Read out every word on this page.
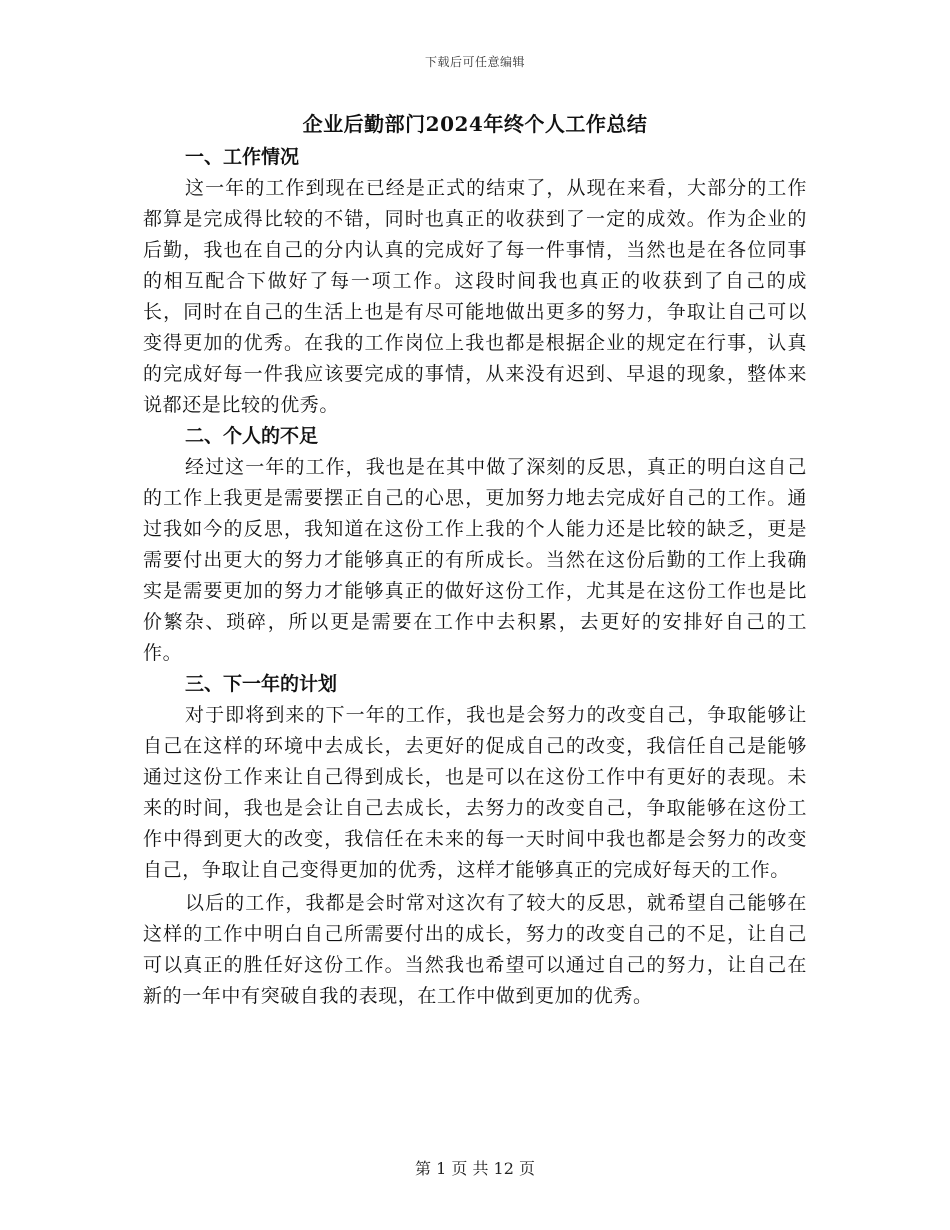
下载后可任意编辑
企业后勤部门2024年终个人工作总结
一、工作情况

这一年的工作到现在已经是正式的结束了，从现在来看，大部分的工作都算是完成得比较的不错，同时也真正的收获到了一定的成效。作为企业的后勤，我也在自己的分内认真的完成好了每一件事情，当然也是在各位同事的相互配合下做好了每一项工作。这段时间我也真正的收获到了自己的成长，同时在自己的生活上也是有尽可能地做出更多的努力，争取让自己可以变得更加的优秀。在我的工作岗位上我也都是根据企业的规定在行事，认真的完成好每一件我应该要完成的事情，从来没有迟到、早退的现象，整体来说都还是比较的优秀。

二、个人的不足

经过这一年的工作，我也是在其中做了深刻的反思，真正的明白这自己的工作上我更是需要摆正自己的心思，更加努力地去完成好自己的工作。通过我如今的反思，我知道在这份工作上我的个人能力还是比较的缺乏，更是需要付出更大的努力才能够真正的有所成长。当然在这份后勤的工作上我确实是需要更加的努力才能够真正的做好这份工作，尤其是在这份工作也是比价繁杂、琐碎，所以更是需要在工作中去积累，去更好的安排好自己的工作。

三、下一年的计划

对于即将到来的下一年的工作，我也是会努力的改变自己，争取能够让自己在这样的环境中去成长，去更好的促成自己的改变，我信任自己是能够通过这份工作来让自己得到成长，也是可以在这份工作中有更好的表现。未来的时间，我也是会让自己去成长，去努力的改变自己，争取能够在这份工作中得到更大的改变，我信任在未来的每一天时间中我也都是会努力的改变自己，争取让自己变得更加的优秀，这样才能够真正的完成好每天的工作。

以后的工作，我都是会时常对这次有了较大的反思，就希望自己能够在这样的工作中明白自己所需要付出的成长，努力的改变自己的不足，让自己可以真正的胜任好这份工作。当然我也希望可以通过自己的努力，让自己在新的一年中有突破自我的表现，在工作中做到更加的优秀。

第 1 页 共 12 页
